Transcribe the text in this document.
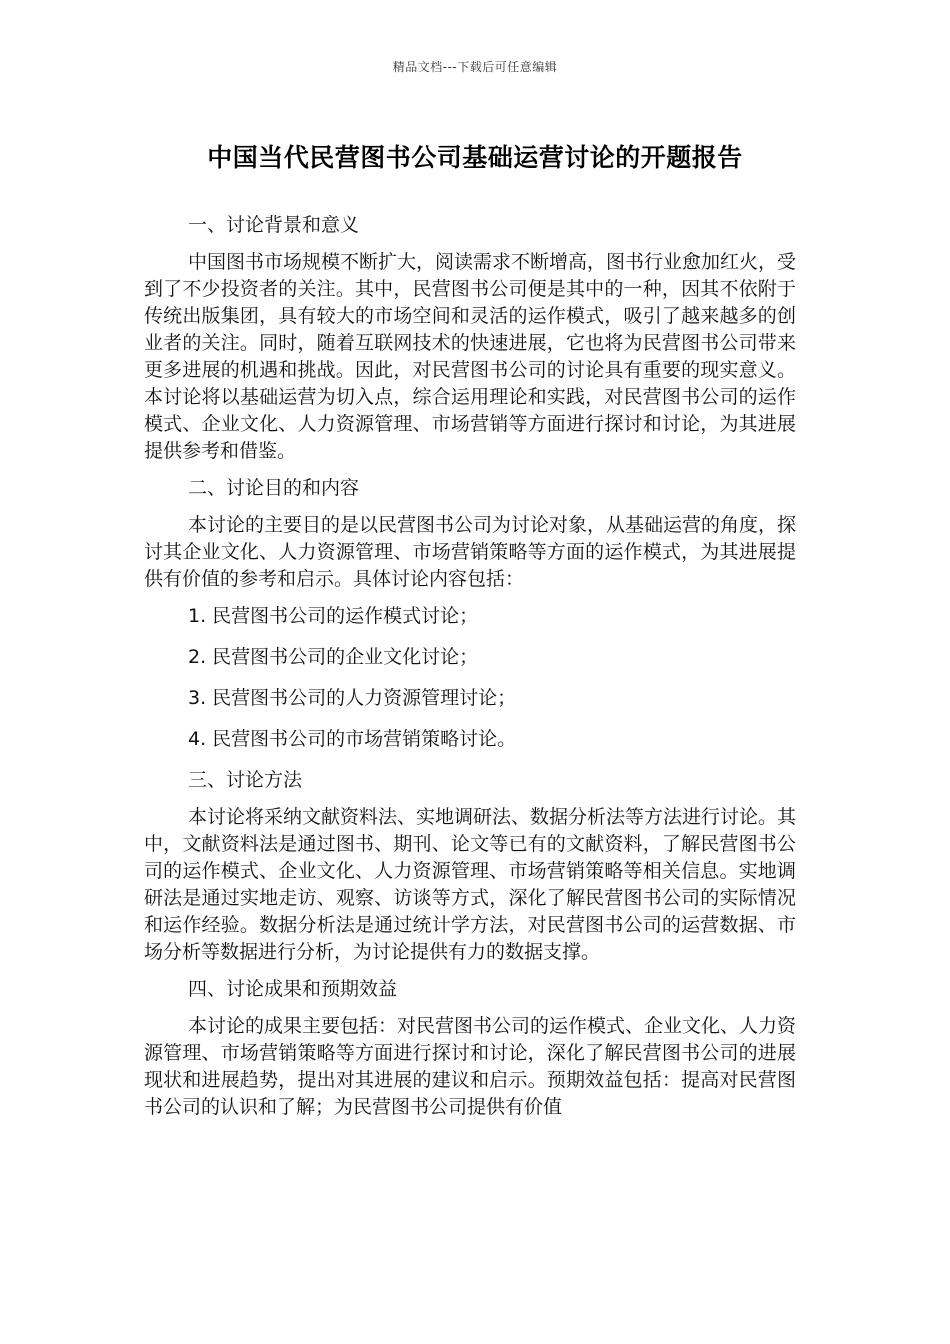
精品文档---下载后可任意编辑
中国当代民营图书公司基础运营讨论的开题报告

一、讨论背景和意义

中国图书市场规模不断扩大，阅读需求不断增高，图书行业愈加红火，受到了不少投资者的关注。其中，民营图书公司便是其中的一种，因其不依附于传统出版集团，具有较大的市场空间和灵活的运作模式，吸引了越来越多的创业者的关注。同时，随着互联网技术的快速进展，它也将为民营图书公司带来更多进展的机遇和挑战。因此，对民营图书公司的讨论具有重要的现实意义。本讨论将以基础运营为切入点，综合运用理论和实践，对民营图书公司的运作模式、企业文化、人力资源管理、市场营销等方面进行探讨和讨论，为其进展提供参考和借鉴。

二、讨论目的和内容

本讨论的主要目的是以民营图书公司为讨论对象，从基础运营的角度，探讨其企业文化、人力资源管理、市场营销策略等方面的运作模式，为其进展提供有价值的参考和启示。具体讨论内容包括：

1. 民营图书公司的运作模式讨论；

2. 民营图书公司的企业文化讨论；

3. 民营图书公司的人力资源管理讨论；

4. 民营图书公司的市场营销策略讨论。

三、讨论方法

本讨论将采纳文献资料法、实地调研法、数据分析法等方法进行讨论。其中，文献资料法是通过图书、期刊、论文等已有的文献资料，了解民营图书公司的运作模式、企业文化、人力资源管理、市场营销策略等相关信息。实地调研法是通过实地走访、观察、访谈等方式，深化了解民营图书公司的实际情况和运作经验。数据分析法是通过统计学方法，对民营图书公司的运营数据、市场分析等数据进行分析，为讨论提供有力的数据支撑。

四、讨论成果和预期效益

本讨论的成果主要包括：对民营图书公司的运作模式、企业文化、人力资源管理、市场营销策略等方面进行探讨和讨论，深化了解民营图书公司的进展现状和进展趋势，提出对其进展的建议和启示。预期效益包括：提高对民营图书公司的认识和了解；为民营图书公司提供有价值
